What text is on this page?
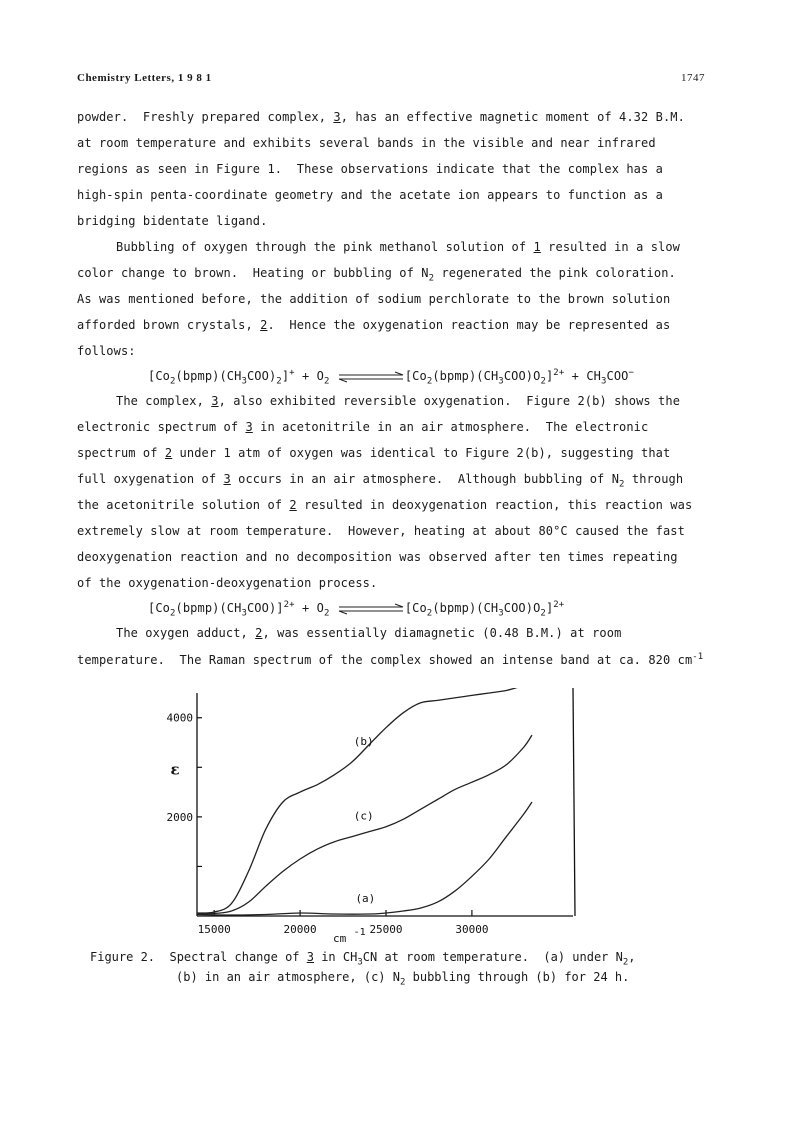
Chemistry Letters, 1 9 8 1	1747
powder.  Freshly prepared complex, 3, has an effective magnetic moment of 4.32 B.M.
at room temperature and exhibits several bands in the visible and near infrared
regions as seen in Figure 1.  These observations indicate that the complex has a
high-spin penta-coordinate geometry and the acetate ion appears to function as a
bridging bidentate ligand.
Bubbling of oxygen through the pink methanol solution of 1 resulted in a slow
color change to brown.  Heating or bubbling of $N_2$ regenerated the pink coloration.
As was mentioned before, the addition of sodium perchlorate to the brown solution
afforded brown crystals, 2.  Hence the oxygenation reaction may be represented as
follows:
$[Co_2(bpmp)(CH_3COO)_2]^+ + O_2$	$[Co_2(bpmp)(CH_3COO)O_2]^{2+} + CH_3COO^-$
The complex, 3, also exhibited reversible oxygenation.  Figure 2(b) shows the
electronic spectrum of 3 in acetonitrile in an air atmosphere.  The electronic
spectrum of 2 under 1 atm of oxygen was identical to Figure 2(b), suggesting that
full oxygenation of 3 occurs in an air atmosphere.  Although bubbling of $N_2$ through
the acetonitrile solution of 2 resulted in deoxygenation reaction, this reaction was
extremely slow at room temperature.  However, heating at about 80°C caused the fast
deoxygenation reaction and no decomposition was observed after ten times repeating
of the oxygenation-deoxygenation process.
$[Co_2(bpmp)(CH_3COO)]^{2+} + O_2$	$[Co_2(bpmp)(CH_3COO)O_2]^{2+}$
The oxygen adduct, 2, was essentially diamagnetic (0.48 B.M.) at room
temperature.  The Raman spectrum of the complex showed an intense band at ca. 820 $cm^{-1}$
2000
4000
15000	20000	25000	30000
cm -1
ε
(a)
(b)
(c)
Figure 2.  Spectral change of 3 in $CH_3CN$ at room temperature.  (a) under $N_2$,
(b) in an air atmosphere, (c) $N_2$ bubbling through (b) for 24 h.
